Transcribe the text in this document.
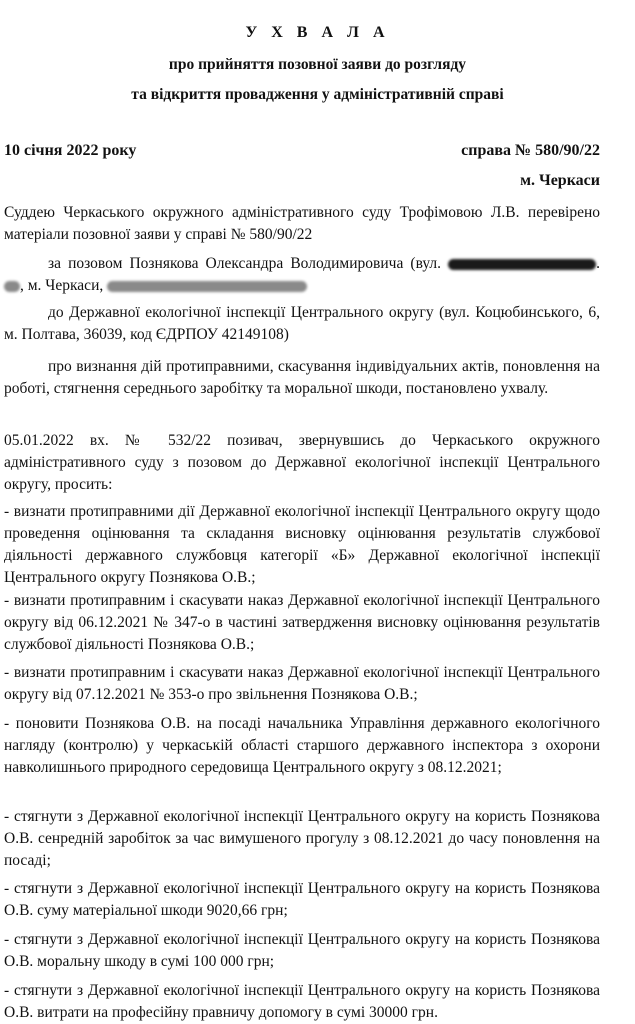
У Х В А Л А
про прийняття позовної заяви до розгляду
та відкриття провадження у адміністративній справі
10 січня 2022 року	справа № 580/90/22
м. Черкаси
Суддею Черкаського окружного адміністративного суду Трофімовою Л.В. перевірено матеріали позовної заяви у справі № 580/90/22
за позовом Познякова Олександра Володимировича (вул.	. , м. Черкаси,
до Державної екологічної інспекції Центрального округу (вул. Коцюбинського, 6, м. Полтава, 36039, код ЄДРПОУ 42149108)
про визнання дій протиправними, скасування індивідуальних актів, поновлення на роботі, стягнення середнього заробітку та моральної шкоди, постановлено ухвалу.
05.01.2022 вх. № 532/22 позивач, звернувшись до Черкаського окружного адміністративного суду з позовом до Державної екологічної інспекції Центрального округу, просить:
- визнати протиправними дії Державної екологічної інспекції Центрального округу щодо проведення оцінювання та складання висновку оцінювання результатів службової діяльності державного службовця категорії «Б» Державної екологічної інспекції Центрального округу Познякова О.В.;
- визнати протиправним і скасувати наказ Державної екологічної інспекції Центрального округу від 06.12.2021 № 347-о в частині затвердження висновку оцінювання результатів службової діяльності Познякова О.В.;
- визнати протиправним і скасувати наказ Державної екологічної інспекції Центрального округу від 07.12.2021 № 353-о про звільнення Познякова О.В.;
- поновити Познякова О.В. на посаді начальника Управління державного екологічного нагляду (контролю) у черкаській області старшого державного інспектора з охорони навколишнього природного середовища Центрального округу з 08.12.2021;
- стягнути з Державної екологічної інспекції Центрального округу на користь Познякова О.В. сенредній заробіток за час вимушеного прогулу з 08.12.2021 до часу поновлення на посаді;
- стягнути з Державної екологічної інспекції Центрального округу на користь Познякова О.В. суму матеріальної шкоди 9020,66 грн;
- стягнути з Державної екологічної інспекції Центрального округу на користь Познякова О.В. моральну шкоду в сумі 100 000 грн;
- стягнути з Державної екологічної інспекції Центрального округу на користь Познякова О.В. витрати на професійну правничу допомогу в сумі 30000 грн.
